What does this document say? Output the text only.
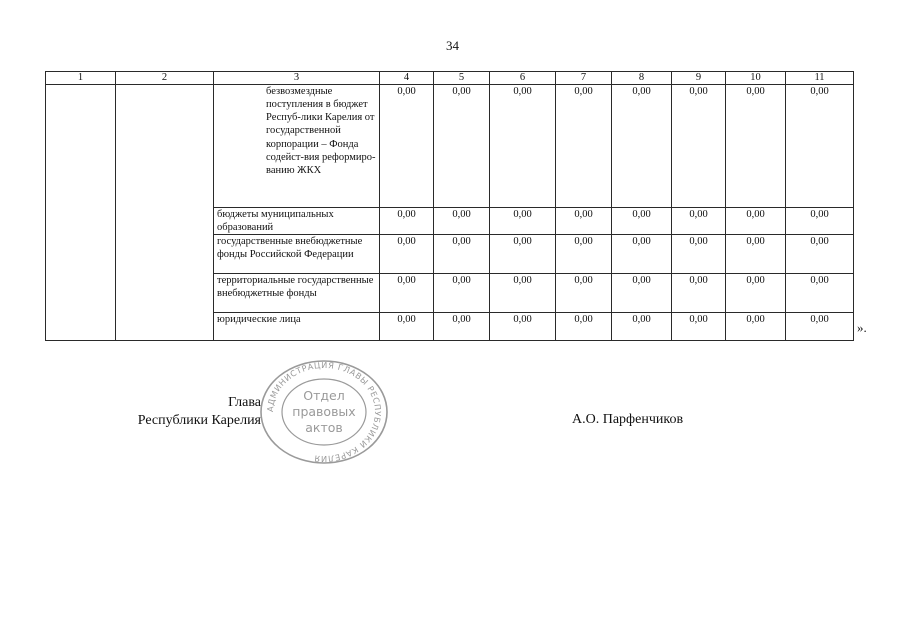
34
1	2	3	4	5	6	7	8	9	10	11
		безвозмездные поступления в бюджет Респуб-лики Карелия от государственной корпорации – Фонда содейст-вия реформиро-ванию ЖКХ	0,00	0,00	0,00	0,00	0,00	0,00	0,00	0,00
		бюджеты муниципальных образований	0,00	0,00	0,00	0,00	0,00	0,00	0,00	0,00
		государственные внебюджетные фонды Российской Федерации	0,00	0,00	0,00	0,00	0,00	0,00	0,00	0,00
		территориальные государственные внебюджетные фонды	0,00	0,00	0,00	0,00	0,00	0,00	0,00	0,00
		юридические лица	0,00	0,00	0,00	0,00	0,00	0,00	0,00	0,00
».
Глава
Республики Карелия
АДМИНИСТРАЦИЯ ГЛАВЫ РЕСПУБЛИКИ КАРЕЛИЯ
Отдел
правовых
актов
А.О. Парфенчиков
